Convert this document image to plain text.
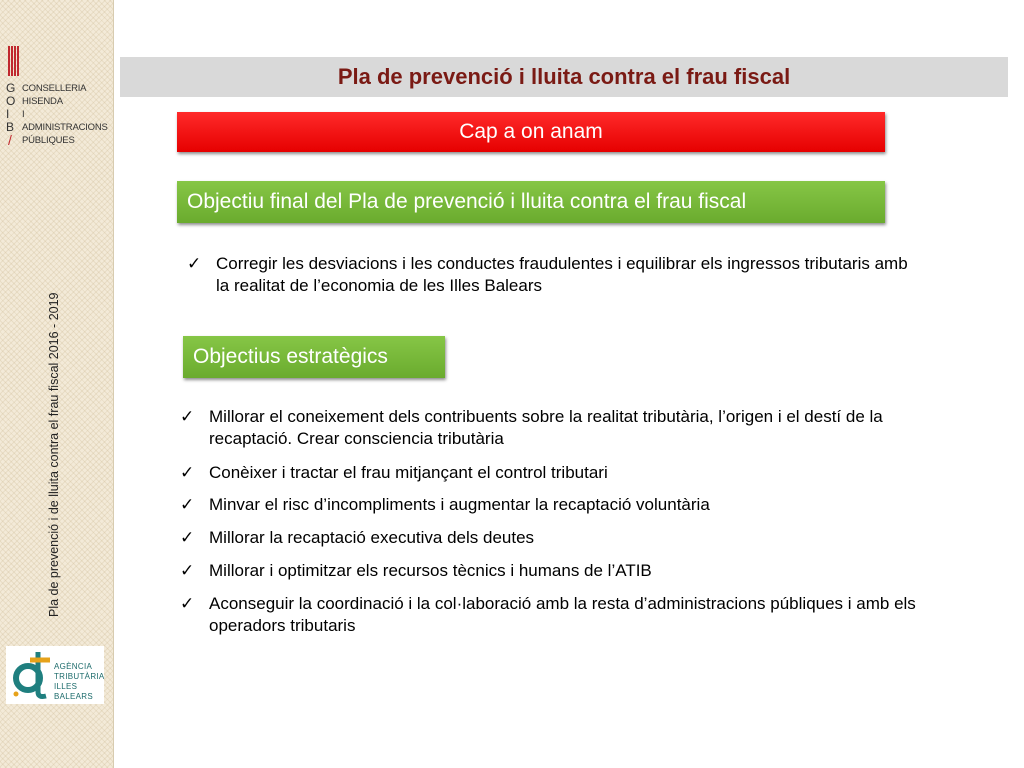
G
O
I
B
CONSELLERIA
HISENDA
I ADMINISTRACIONS
PÚBLIQUES
/
Pla de prevenció i de lluita contra el frau fiscal 2016 - 2019
AGÈNCIA
TRIBUTÀRIA
ILLES BALEARS
Pla de prevenció i lluita contra el frau fiscal
Cap a on anam
Objectiu final del Pla de prevenció i lluita contra el frau fiscal
✓ Corregir les desviacions i les conductes fraudulentes i equilibrar els ingressos tributaris amb la realitat de l’economia de les Illes Balears
Objectius estratègics
✓ Millorar el coneixement dels contribuents sobre la realitat tributària, l’origen i el destí de la recaptació. Crear consciencia tributària
✓ Conèixer i tractar el frau mitjançant el control tributari
✓ Minvar el risc d’incompliments i augmentar la recaptació voluntària
✓ Millorar la recaptació executiva dels deutes
✓ Millorar i optimitzar els recursos tècnics i humans de l’ATIB
✓ Aconseguir la coordinació i la col·laboració amb la resta d’administracions públiques i amb els operadors tributaris
